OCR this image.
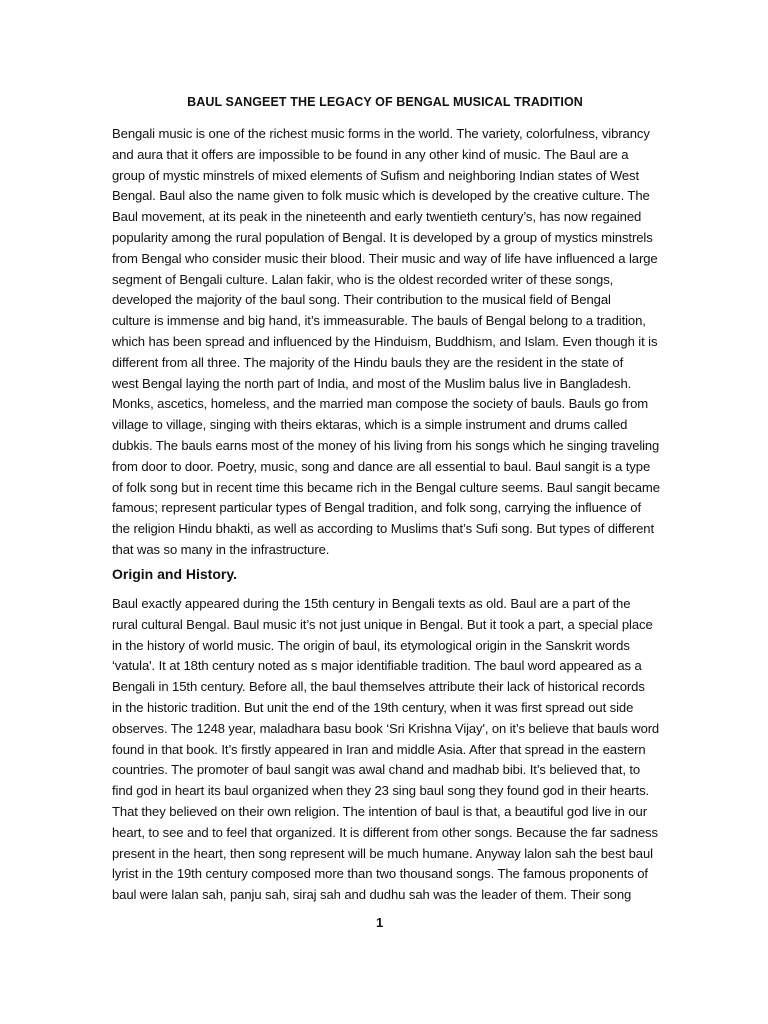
BAUL SANGEET THE LEGACY OF BENGAL MUSICAL TRADITION
Bengali music is one of the richest music forms in the world. The variety, colorfulness, vibrancy
and aura that it offers are impossible to be found in any other kind of music. The Baul are a
group of mystic minstrels of mixed elements of Sufism and neighboring Indian states of West
Bengal. Baul also the name given to folk music which is developed by the creative culture. The
Baul movement, at its peak in the nineteenth and early twentieth century’s, has now regained
popularity among the rural population of Bengal. It is developed by a group of mystics minstrels
from Bengal who consider music their blood. Their music and way of life have influenced a large
segment of Bengali culture. Lalan fakir, who is the oldest recorded writer of these songs,
developed the majority of the baul song. Their contribution to the musical field of Bengal
culture is immense and big hand, it’s immeasurable. The bauls of Bengal belong to a tradition,
which has been spread and influenced by the Hinduism, Buddhism, and Islam. Even though it is
different from all three. The majority of the Hindu bauls they are the resident in the state of
west Bengal laying the north part of India, and most of the Muslim balus live in Bangladesh.
Monks, ascetics, homeless, and the married man compose the society of bauls. Bauls go from
village to village, singing with theirs ektaras, which is a simple instrument and drums called
dubkis. The bauls earns most of the money of his living from his songs which he singing traveling
from door to door. Poetry, music, song and dance are all essential to baul. Baul sangit is a type
of folk song but in recent time this became rich in the Bengal culture seems. Baul sangit became
famous; represent particular types of Bengal tradition, and folk song, carrying the influence of
the religion Hindu bhakti, as well as according to Muslims that’s Sufi song. But types of different
that was so many in the infrastructure.
Origin and History.
Baul exactly appeared during the 15th century in Bengali texts as old. Baul are a part of the
rural cultural Bengal. Baul music it’s not just unique in Bengal. But it took a part, a special place
in the history of world music. The origin of baul, its etymological origin in the Sanskrit words
‘vatula'. It at 18th century noted as s major identifiable tradition. The baul word appeared as a
Bengali in 15th century. Before all, the baul themselves attribute their lack of historical records
in the historic tradition. But unit the end of the 19th century, when it was first spread out side
observes. The 1248 year, maladhara basu book ‘Sri Krishna Vijay', on it’s believe that bauls word
found in that book. It’s firstly appeared in Iran and middle Asia. After that spread in the eastern
countries. The promoter of baul sangit was awal chand and madhab bibi. It’s believed that, to
find god in heart its baul organized when they 23 sing baul song they found god in their hearts.
That they believed on their own religion. The intention of baul is that, a beautiful god live in our
heart, to see and to feel that organized. It is different from other songs. Because the far sadness
present in the heart, then song represent will be much humane. Anyway lalon sah the best baul
lyrist in the 19th century composed more than two thousand songs. The famous proponents of
baul were lalan sah, panju sah, siraj sah and dudhu sah was the leader of them. Their song
1
